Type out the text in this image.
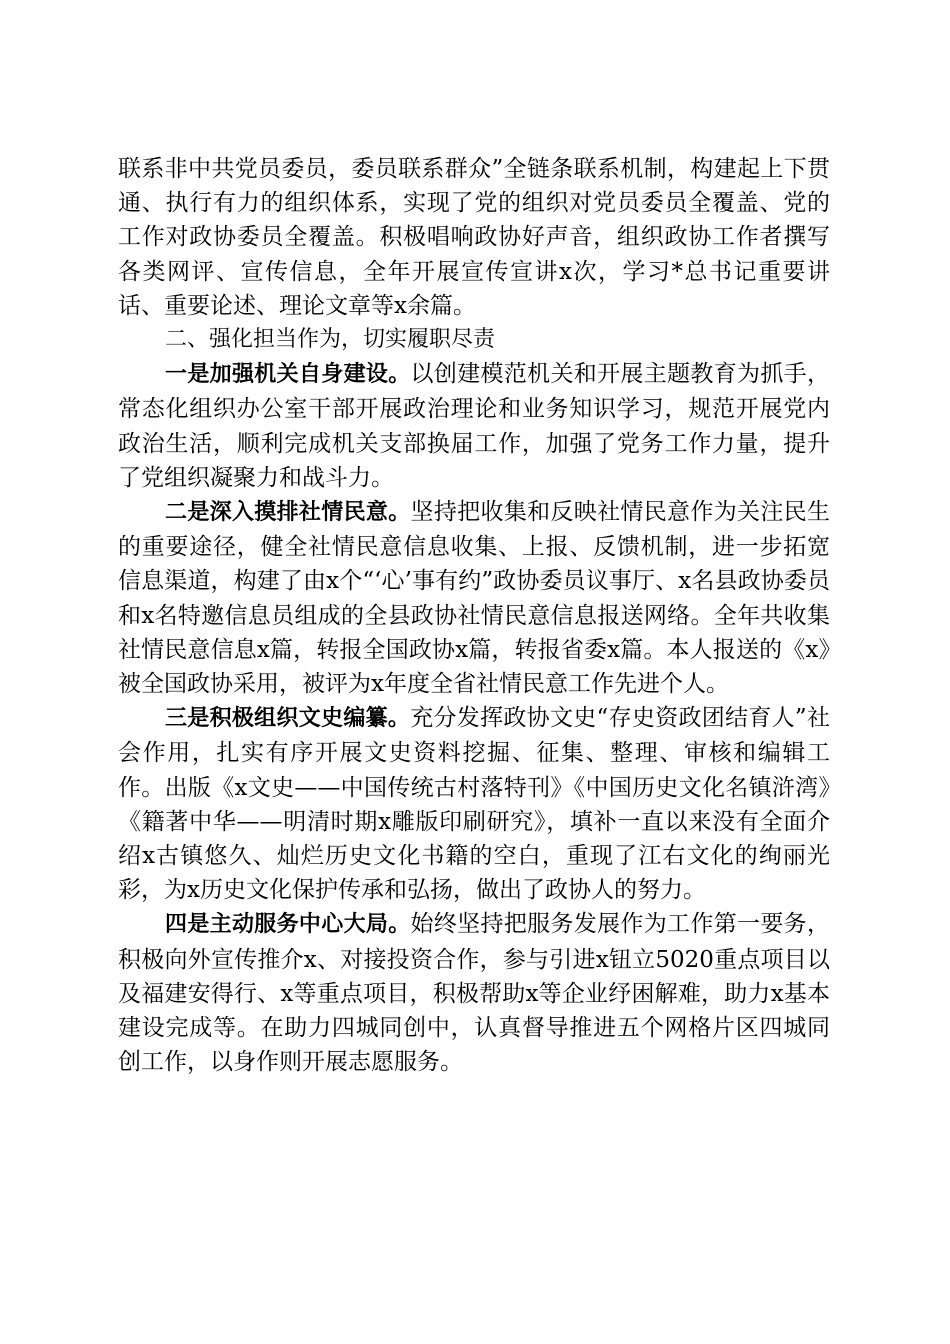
联系非中共党员委员，委员联系群众”全链条联系机制，构建起上下贯通、执行有力的组织体系，实现了党的组织对党员委员全覆盖、党的工作对政协委员全覆盖。积极唱响政协好声音，组织政协工作者撰写各类网评、宣传信息，全年开展宣传宣讲x次，学习*总书记重要讲话、重要论述、理论文章等x余篇。

二、强化担当作为，切实履职尽责

一是加强机关自身建设。以创建模范机关和开展主题教育为抓手，常态化组织办公室干部开展政治理论和业务知识学习，规范开展党内政治生活，顺利完成机关支部换届工作，加强了党务工作力量，提升了党组织凝聚力和战斗力。

二是深入摸排社情民意。坚持把收集和反映社情民意作为关注民生的重要途径，健全社情民意信息收集、上报、反馈机制，进一步拓宽信息渠道，构建了由x个“‘心’事有约”政协委员议事厅、x名县政协委员和x名特邀信息员组成的全县政协社情民意信息报送网络。全年共收集社情民意信息x篇，转报全国政协x篇，转报省委x篇。本人报送的《x》被全国政协采用，被评为x年度全省社情民意工作先进个人。

三是积极组织文史编纂。充分发挥政协文史“存史资政团结育人”社会作用，扎实有序开展文史资料挖掘、征集、整理、审核和编辑工作。出版《x文史——中国传统古村落特刊》《中国历史文化名镇浒湾》《籍著中华——明清时期x雕版印刷研究》，填补一直以来没有全面介绍x古镇悠久、灿烂历史文化书籍的空白，重现了江右文化的绚丽光彩，为x历史文化保护传承和弘扬，做出了政协人的努力。

四是主动服务中心大局。始终坚持把服务发展作为工作第一要务，积极向外宣传推介x、对接投资合作，参与引进x钮立5020重点项目以及福建安得行、x等重点项目，积极帮助x等企业纾困解难，助力x基本建设完成等。在助力四城同创中，认真督导推进五个网格片区四城同创工作，以身作则开展志愿服务。
